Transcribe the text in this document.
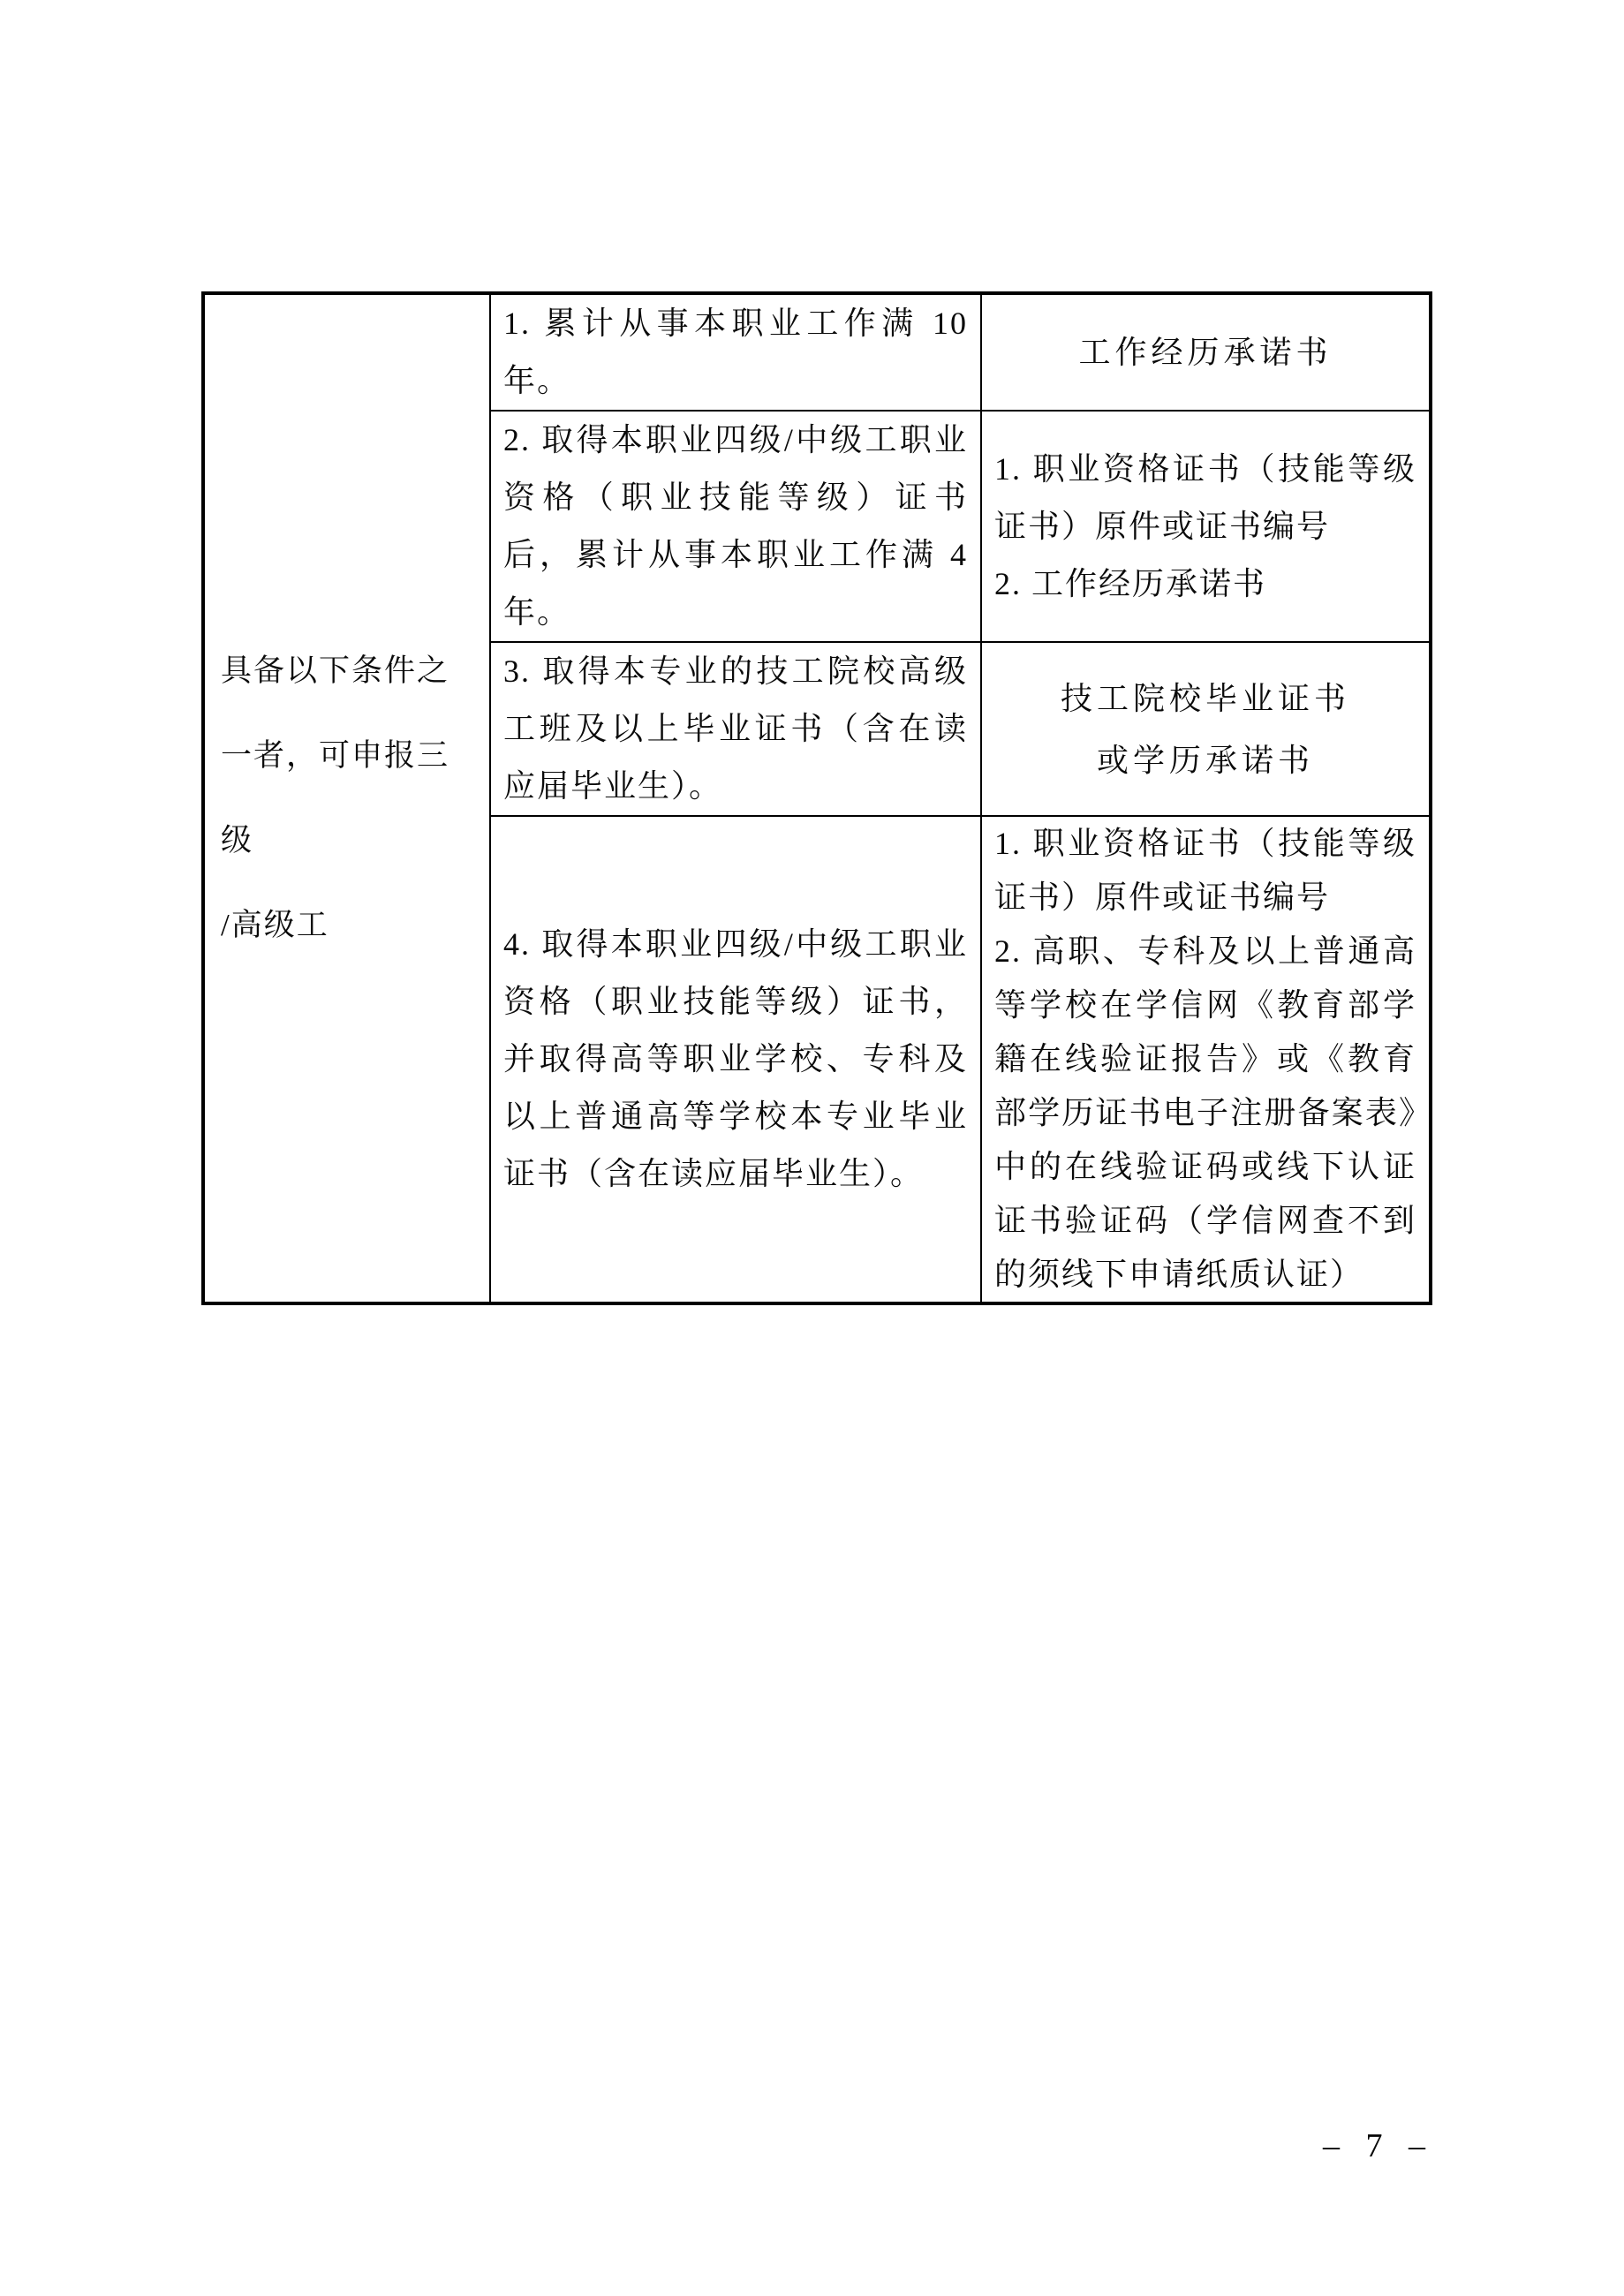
具备以下条件之
一者，可申报三级
/高级工	1. 累计从事本职业工作满 10 年。	工作经历承诺书

	2. 取得本职业四级/中级工职业资格（职业技能等级）证书后，累计从事本职业工作满 4 年。	1. 职业资格证书（技能等级证书）原件或证书编号
2. 工作经历承诺书

	3. 取得本专业的技工院校高级工班及以上毕业证书（含在读应届毕业生）。	技工院校毕业证书
或学历承诺书

	4. 取得本职业四级/中级工职业资格（职业技能等级）证书，并取得高等职业学校、专科及以上普通高等学校本专业毕业证书（含在读应届毕业生）。	1. 职业资格证书（技能等级证书）原件或证书编号
2. 高职、专科及以上普通高等学校在学信网《教育部学籍在线验证报告》或《教育部学历证书电子注册备案表》中的在线验证码或线下认证证书验证码（学信网查不到的须线下申请纸质认证）
– 7 –
